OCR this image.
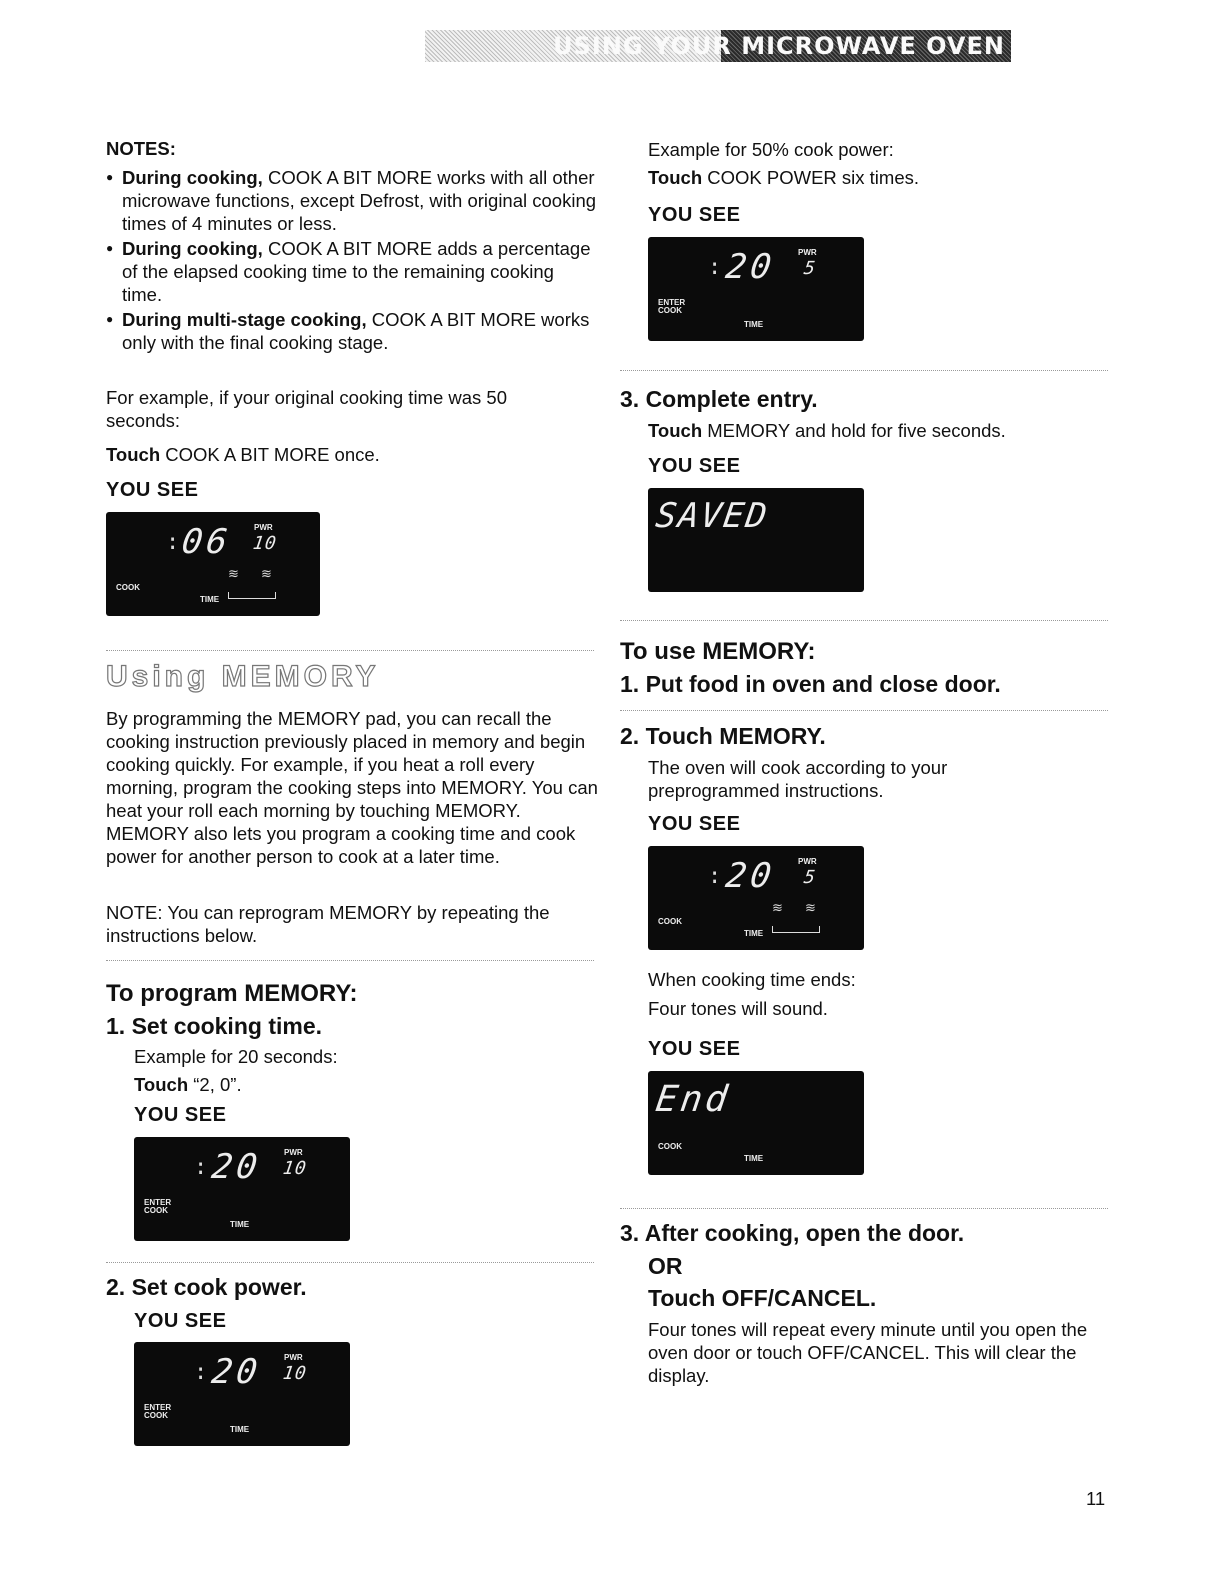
USING YOUR MICROWAVE OVEN
NOTES:
● During cooking, COOK A BIT MORE works with all other microwave functions, except Defrost, with original cooking times of 4 minutes or less.
● During cooking, COOK A BIT MORE adds a percentage of the elapsed cooking time to the remaining cooking time.
● During multi-stage cooking, COOK A BIT MORE works only with the final cooking stage.
For example, if your original cooking time was 50 seconds:
Touch COOK A BIT MORE once.
YOU SEE
: 06	PWR
10
≋ ≋
COOK
TIME
Using MEMORY
By programming the MEMORY pad, you can recall the cooking instruction previously placed in memory and begin cooking quickly. For example, if you heat a roll every morning, program the cooking steps into MEMORY. You can heat your roll each morning by touching MEMORY. MEMORY also lets you program a cooking time and cook power for another person to cook at a later time.
NOTE: You can reprogram MEMORY by repeating the instructions below.
To program MEMORY:
1. Set cooking time.
Example for 20 seconds:
Touch “2, 0”.
YOU SEE
: 20	PWR
10
ENTER
COOK
TIME
2. Set cook power.
YOU SEE
: 20	PWR
10
ENTER
COOK
TIME
Example for 50% cook power:
Touch COOK POWER six times.
YOU SEE
: 20	PWR
5
ENTER
COOK
TIME
3. Complete entry.
Touch MEMORY and hold for five seconds.
YOU SEE
SAVED
To use MEMORY:
1. Put food in oven and close door.
2. Touch MEMORY.
The oven will cook according to your preprogrammed instructions.
YOU SEE
: 20	PWR
5
≋ ≋
COOK
TIME
When cooking time ends:
Four tones will sound.
YOU SEE
End
COOK
TIME
3. After cooking, open the door.
OR
Touch OFF/CANCEL.
Four tones will repeat every minute until you open the oven door or touch OFF/CANCEL. This will clear the display.
11
